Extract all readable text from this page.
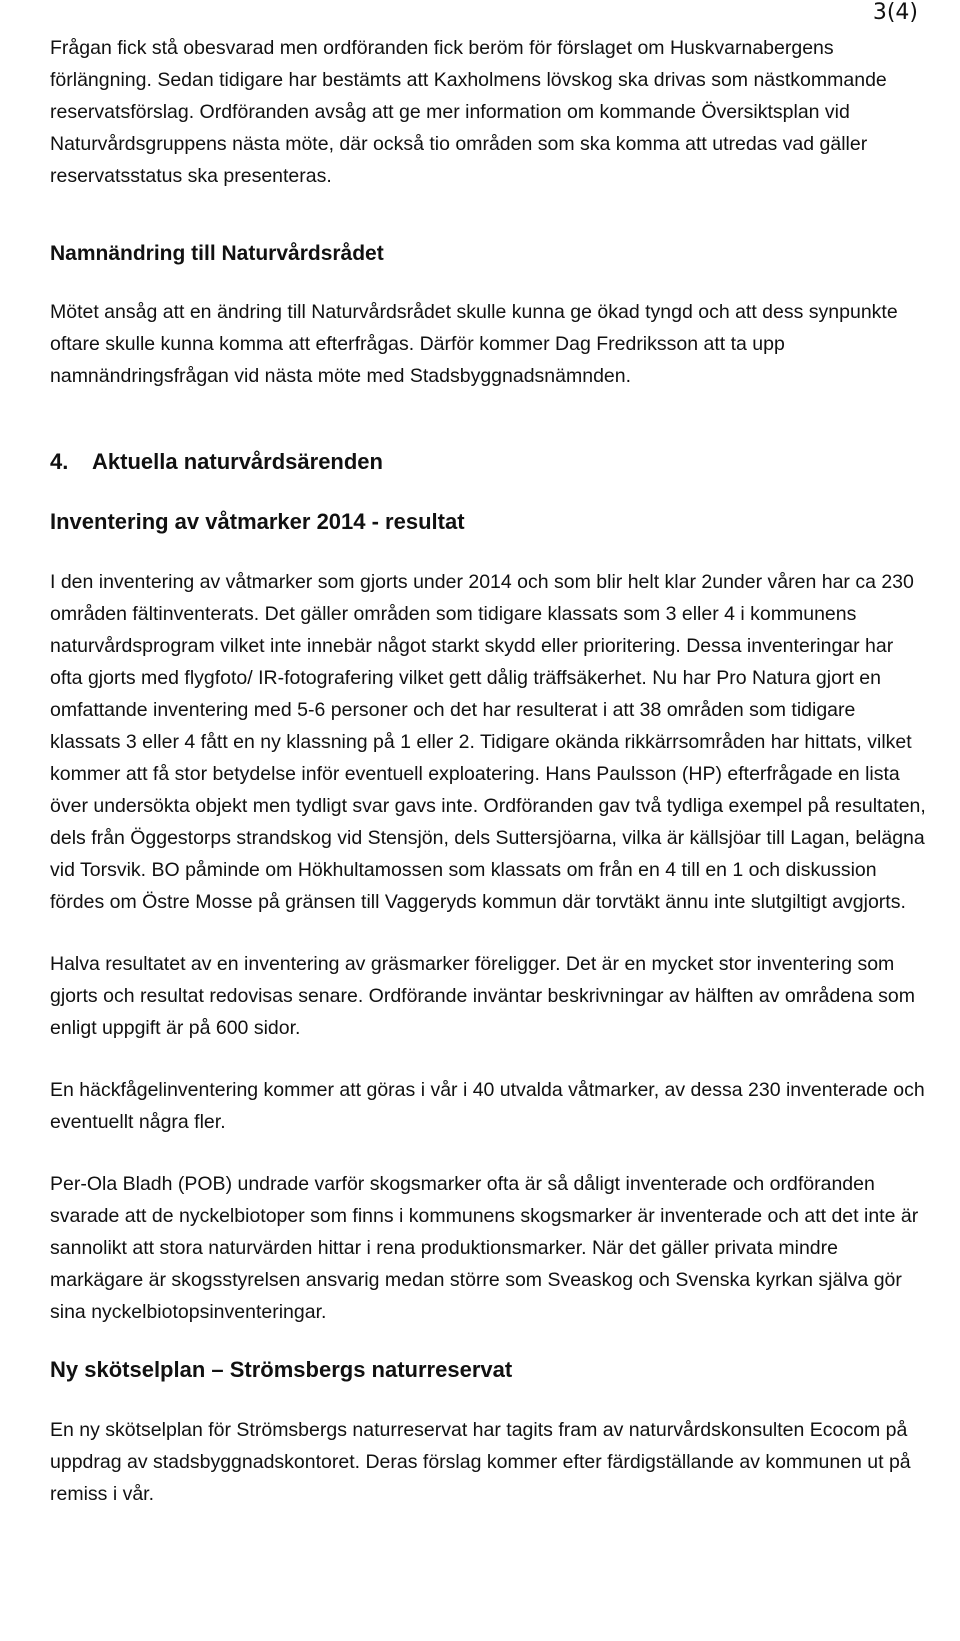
3(4)

Frågan fick stå obesvarad men ordföranden fick beröm för förslaget om Huskvarnabergens förlängning. Sedan tidigare har bestämts att Kaxholmens lövskog ska drivas som nästkommande reservatsförslag. Ordföranden avsåg att ge mer information om kommande Översiktsplan vid Naturvårdsgruppens nästa möte, där också tio områden som ska komma att utredas vad gäller reservatsstatus ska presenteras.

Namnändring till Naturvårdsrådet

Mötet ansåg att en ändring till Naturvårdsrådet skulle kunna ge ökad tyngd och att dess synpunkte oftare skulle kunna komma att efterfrågas. Därför kommer Dag Fredriksson att ta upp namnändringsfrågan vid nästa möte med Stadsbyggnadsnämnden.

4. Aktuella naturvårdsärenden
Inventering av våtmarker 2014 - resultat

I den inventering av våtmarker som gjorts under 2014 och som blir helt klar 2under våren har ca 230 områden fältinventerats. Det gäller områden som tidigare klassats som 3 eller 4 i kommunens naturvårdsprogram vilket inte innebär något starkt skydd eller prioritering. Dessa inventeringar har ofta gjorts med flygfoto/ IR-fotografering vilket gett dålig träffsäkerhet. Nu har Pro Natura gjort en omfattande inventering med 5-6 personer och det har resulterat i att 38 områden som tidigare klassats 3 eller 4 fått en ny klassning på 1 eller 2. Tidigare okända rikkärrsområden har hittats, vilket kommer att få stor betydelse inför eventuell exploatering. Hans Paulsson (HP) efterfrågade en lista över undersökta objekt men tydligt svar gavs inte. Ordföranden gav två tydliga exempel på resultaten, dels från Öggestorps strandskog vid Stensjön, dels Suttersjöarna, vilka är källsjöar till Lagan, belägna vid Torsvik. BO påminde om Hökhultamossen som klassats om från en 4 till en 1 och diskussion fördes om Östre Mosse på gränsen till Vaggeryds kommun där torvtäkt ännu inte slutgiltigt avgjorts.

Halva resultatet av en inventering av gräsmarker föreligger. Det är en mycket stor inventering som gjorts och resultat redovisas senare. Ordförande inväntar beskrivningar av hälften av områdena som enligt uppgift är på 600 sidor.

En häckfågelinventering kommer att göras i vår i 40 utvalda våtmarker, av dessa 230 inventerade och eventuellt några fler.

Per-Ola Bladh (POB) undrade varför skogsmarker ofta är så dåligt inventerade och ordföranden svarade att de nyckelbiotoper som finns i kommunens skogsmarker är inventerade och att det inte är sannolikt att stora naturvärden hittar i rena produktionsmarker. När det gäller privata mindre markägare är skogsstyrelsen ansvarig medan större som Sveaskog och Svenska kyrkan själva gör sina nyckelbiotopsinventeringar.

Ny skötselplan – Strömsbergs naturreservat

En ny skötselplan för Strömsbergs naturreservat har tagits fram av naturvårdskonsulten Ecocom på uppdrag av stadsbyggnadskontoret. Deras förslag kommer efter färdigställande av kommunen ut på remiss i vår.
